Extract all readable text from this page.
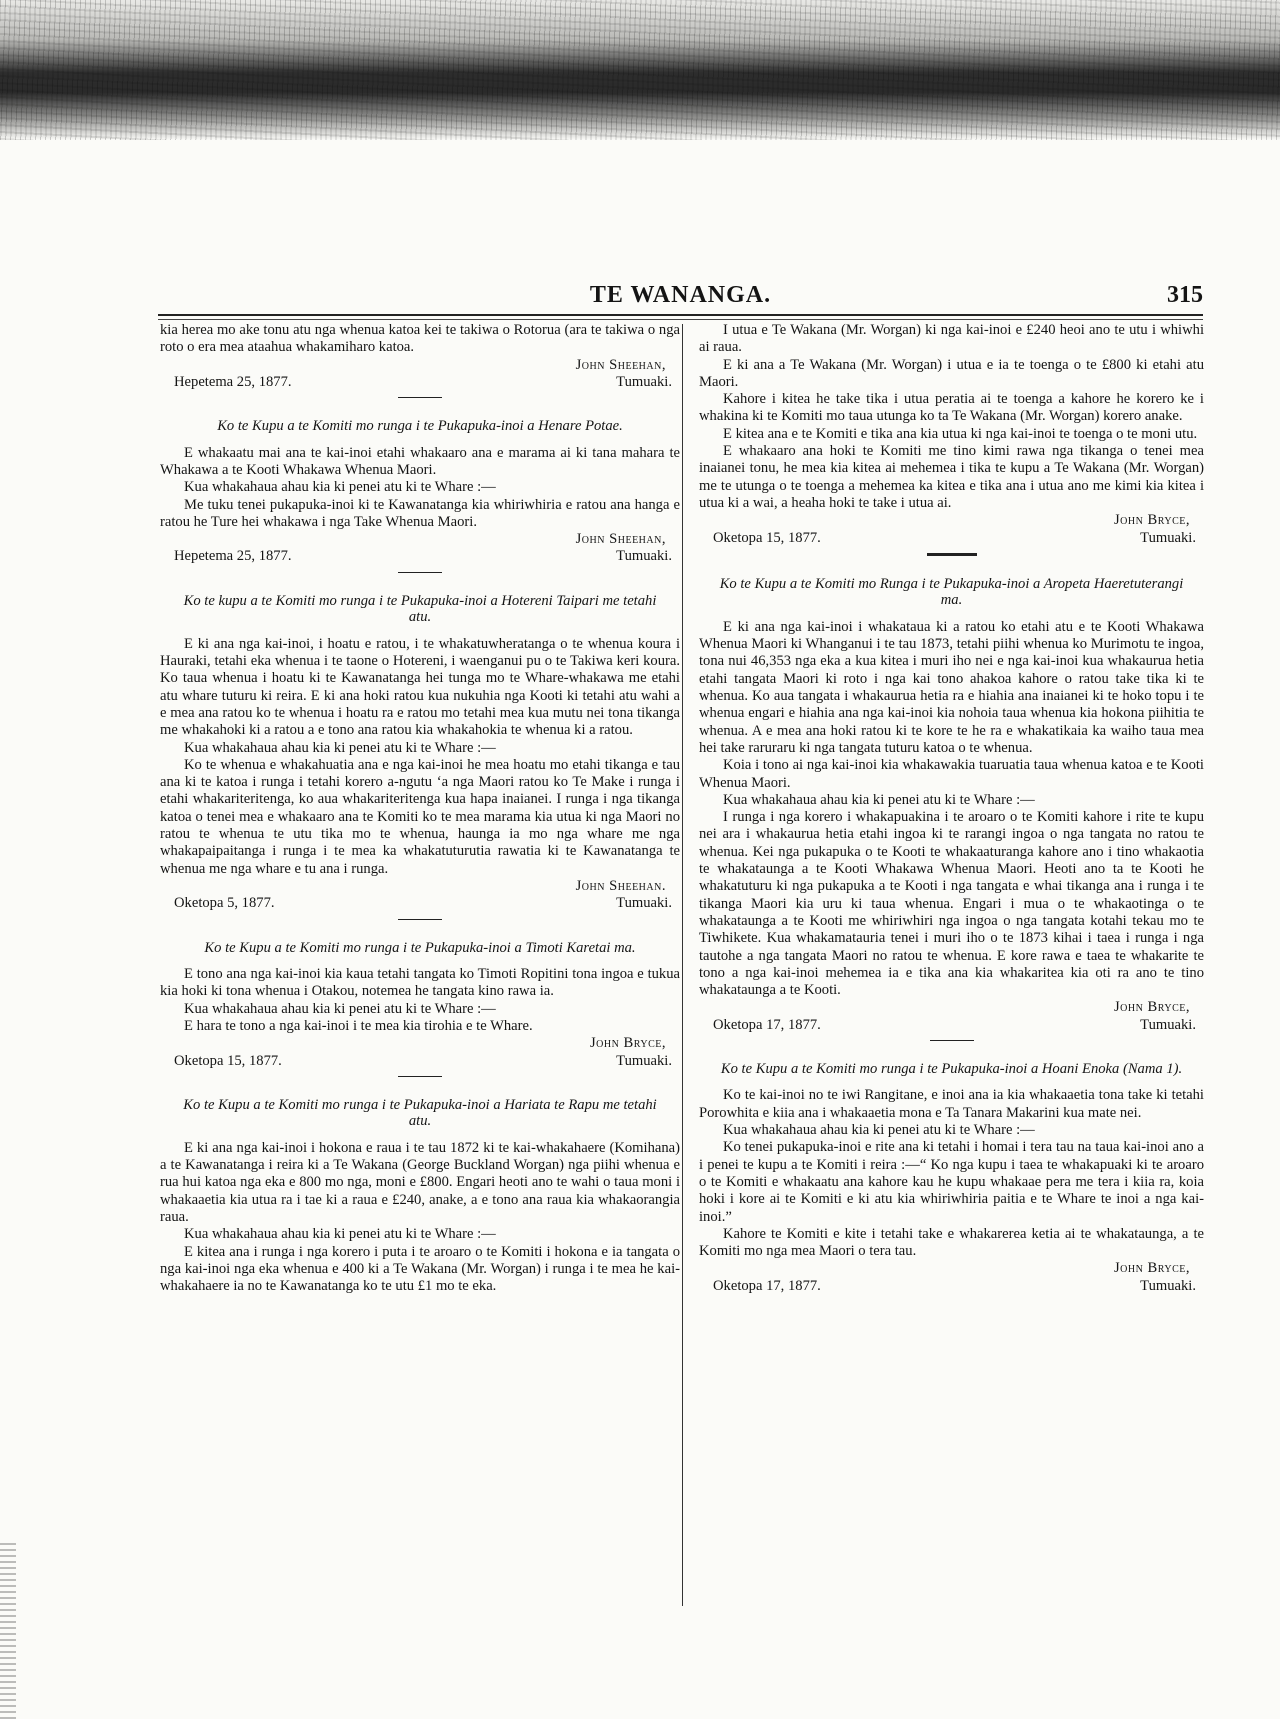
TE WANANGA.	315

kia herea mo ake tonu atu nga whenua katoa kei te takiwa o Rotorua (ara te takiwa o nga roto o era mea ataahua whakamiharo katoa.

John Sheehan,
Hepetema 25, 1877.	Tumuaki.
Ko te Kupu a te Komiti mo runga i te Pukapuka-inoi a Henare Potae.

E whakaatu mai ana te kai-inoi etahi whakaaro ana e marama ai ki tana mahara te Whakawa a te Kooti Whakawa Whenua Maori.

Kua whakahaua ahau kia ki penei atu ki te Whare :—

Me tuku tenei pukapuka-inoi ki te Kawanatanga kia whiriwhiria e ratou ana hanga e ratou he Ture hei whakawa i nga Take Whenua Maori.

John Sheehan,
Hepetema 25, 1877.	Tumuaki.
Ko te kupu a te Komiti mo runga i te Pukapuka-inoi a Hotereni Taipari me tetahi atu.

E ki ana nga kai-inoi, i hoatu e ratou, i te whakatuwheratanga o te whenua koura i Hauraki, tetahi eka whenua i te taone o Hotereni, i waenganui pu o te Takiwa keri koura. Ko taua whenua i hoatu ki te Kawanatanga hei tunga mo te Whare-whakawa me etahi atu whare tuturu ki reira. E ki ana hoki ratou kua nukuhia nga Kooti ki tetahi atu wahi a e mea ana ratou ko te whenua i hoatu ra e ratou mo tetahi mea kua mutu nei tona tikanga me whakahoki ki a ratou a e tono ana ratou kia whakahokia te whenua ki a ratou.

Kua whakahaua ahau kia ki penei atu ki te Whare :—

Ko te whenua e whakahuatia ana e nga kai-inoi he mea hoatu mo etahi tikanga e tau ana ki te katoa i runga i tetahi korero a-ngutu ‘a nga Maori ratou ko Te Make i runga i etahi whakariteritenga, ko aua whakariteritenga kua hapa inaianei. I runga i nga tikanga katoa o tenei mea e whakaaro ana te Komiti ko te mea marama kia utua ki nga Maori no ratou te whenua te utu tika mo te whenua, haunga ia mo nga whare me nga whakapaipaitanga i runga i te mea ka whakatuturutia rawatia ki te Kawanatanga te whenua me nga whare e tu ana i runga.

John Sheehan.
Oketopa 5, 1877.	Tumuaki.
Ko te Kupu a te Komiti mo runga i te Pukapuka-inoi a Timoti Karetai ma.

E tono ana nga kai-inoi kia kaua tetahi tangata ko Timoti Ropitini tona ingoa e tukua kia hoki ki tona whenua i Otakou, notemea he tangata kino rawa ia.

Kua whakahaua ahau kia ki penei atu ki te Whare :—

E hara te tono a nga kai-inoi i te mea kia tirohia e te Whare.

John Bryce,
Oketopa 15, 1877.	Tumuaki.
Ko te Kupu a te Komiti mo runga i te Pukapuka-inoi a Hariata te Rapu me tetahi atu.

E ki ana nga kai-inoi i hokona e raua i te tau 1872 ki te kai-whakahaere (Komihana) a te Kawanatanga i reira ki a Te Wakana (George Buckland Worgan) nga piihi whenua e rua hui katoa nga eka e 800 mo nga, moni e £800. Engari heoti ano te wahi o taua moni i whakaaetia kia utua ra i tae ki a raua e £240, anake, a e tono ana raua kia whakaorangia raua.

Kua whakahaua ahau kia ki penei atu ki te Whare :—

E kitea ana i runga i nga korero i puta i te aroaro o te Komiti i hokona e ia tangata o nga kai-inoi nga eka whenua e 400 ki a Te Wakana (Mr. Worgan) i runga i te mea he kai-whakahaere ia no te Kawanatanga ko te utu £1 mo te eka.

I utua e Te Wakana (Mr. Worgan) ki nga kai-inoi e £240 heoi ano te utu i whiwhi ai raua.

E ki ana a Te Wakana (Mr. Worgan) i utua e ia te toenga o te £800 ki etahi atu Maori.

Kahore i kitea he take tika i utua peratia ai te toenga a kahore he korero ke i whakina ki te Komiti mo taua utunga ko ta Te Wakana (Mr. Worgan) korero anake.

E kitea ana e te Komiti e tika ana kia utua ki nga kai-inoi te toenga o te moni utu.

E whakaaro ana hoki te Komiti me tino kimi rawa nga tikanga o tenei mea inaianei tonu, he mea kia kitea ai mehemea i tika te kupu a Te Wakana (Mr. Worgan) me te utunga o te toenga a mehemea ka kitea e tika ana i utua ano me kimi kia kitea i utua ki a wai, a heaha hoki te take i utua ai.

John Bryce,
Oketopa 15, 1877.	Tumuaki.
Ko te Kupu a te Komiti mo Runga i te Pukapuka-inoi a Aropeta Haeretuterangi ma.

E ki ana nga kai-inoi i whakataua ki a ratou ko etahi atu e te Kooti Whakawa Whenua Maori ki Whanganui i te tau 1873, tetahi piihi whenua ko Murimotu te ingoa, tona nui 46,353 nga eka a kua kitea i muri iho nei e nga kai-inoi kua whakaurua hetia etahi tangata Maori ki roto i nga kai tono ahakoa kahore o ratou take tika ki te whenua. Ko aua tangata i whakaurua hetia ra e hiahia ana inaianei ki te hoko topu i te whenua engari e hiahia ana nga kai-inoi kia nohoia taua whenua kia hokona piihitia te whenua. A e mea ana hoki ratou ki te kore te he ra e whakatikaia ka waiho taua mea hei take raruraru ki nga tangata tuturu katoa o te whenua.

Koia i tono ai nga kai-inoi kia whakawakia tuaruatia taua whenua katoa e te Kooti Whenua Maori.

Kua whakahaua ahau kia ki penei atu ki te Whare :—

I runga i nga korero i whakapuakina i te aroaro o te Komiti kahore i rite te kupu nei ara i whakaurua hetia etahi ingoa ki te rarangi ingoa o nga tangata no ratou te whenua. Kei nga pukapuka o te Kooti te whakaaturanga kahore ano i tino whakaotia te whakataunga a te Kooti Whakawa Whenua Maori. Heoti ano ta te Kooti he whakatuturu ki nga pukapuka a te Kooti i nga tangata e whai tikanga ana i runga i te tikanga Maori kia uru ki taua whenua. Engari i mua o te whakaotinga o te whakataunga a te Kooti me whiriwhiri nga ingoa o nga tangata kotahi tekau mo te Tiwhikete. Kua whakamatauria tenei i muri iho o te 1873 kihai i taea i runga i nga tautohe a nga tangata Maori no ratou te whenua. E kore rawa e taea te whakarite te tono a nga kai-inoi mehemea ia e tika ana kia whakaritea kia oti ra ano te tino whakataunga a te Kooti.

John Bryce,
Oketopa 17, 1877.	Tumuaki.
Ko te Kupu a te Komiti mo runga i te Pukapuka-inoi a Hoani Enoka (Nama 1).

Ko te kai-inoi no te iwi Rangitane, e inoi ana ia kia whakaaetia tona take ki tetahi Porowhita e kiia ana i whakaaetia mona e Ta Tanara Makarini kua mate nei.

Kua whakahaua ahau kia ki penei atu ki te Whare :—

Ko tenei pukapuka-inoi e rite ana ki tetahi i homai i tera tau na taua kai-inoi ano a i penei te kupu a te Komiti i reira :—“ Ko nga kupu i taea te whakapuaki ki te aroaro o te Komiti e whakaatu ana kahore kau he kupu whakaae pera me tera i kiia ra, koia hoki i kore ai te Komiti e ki atu kia whiriwhiria paitia e te Whare te inoi a nga kai-inoi.”

Kahore te Komiti e kite i tetahi take e whakarerea ketia ai te whakataunga, a te Komiti mo nga mea Maori o tera tau.

John Bryce,
Oketopa 17, 1877.	Tumuaki.
